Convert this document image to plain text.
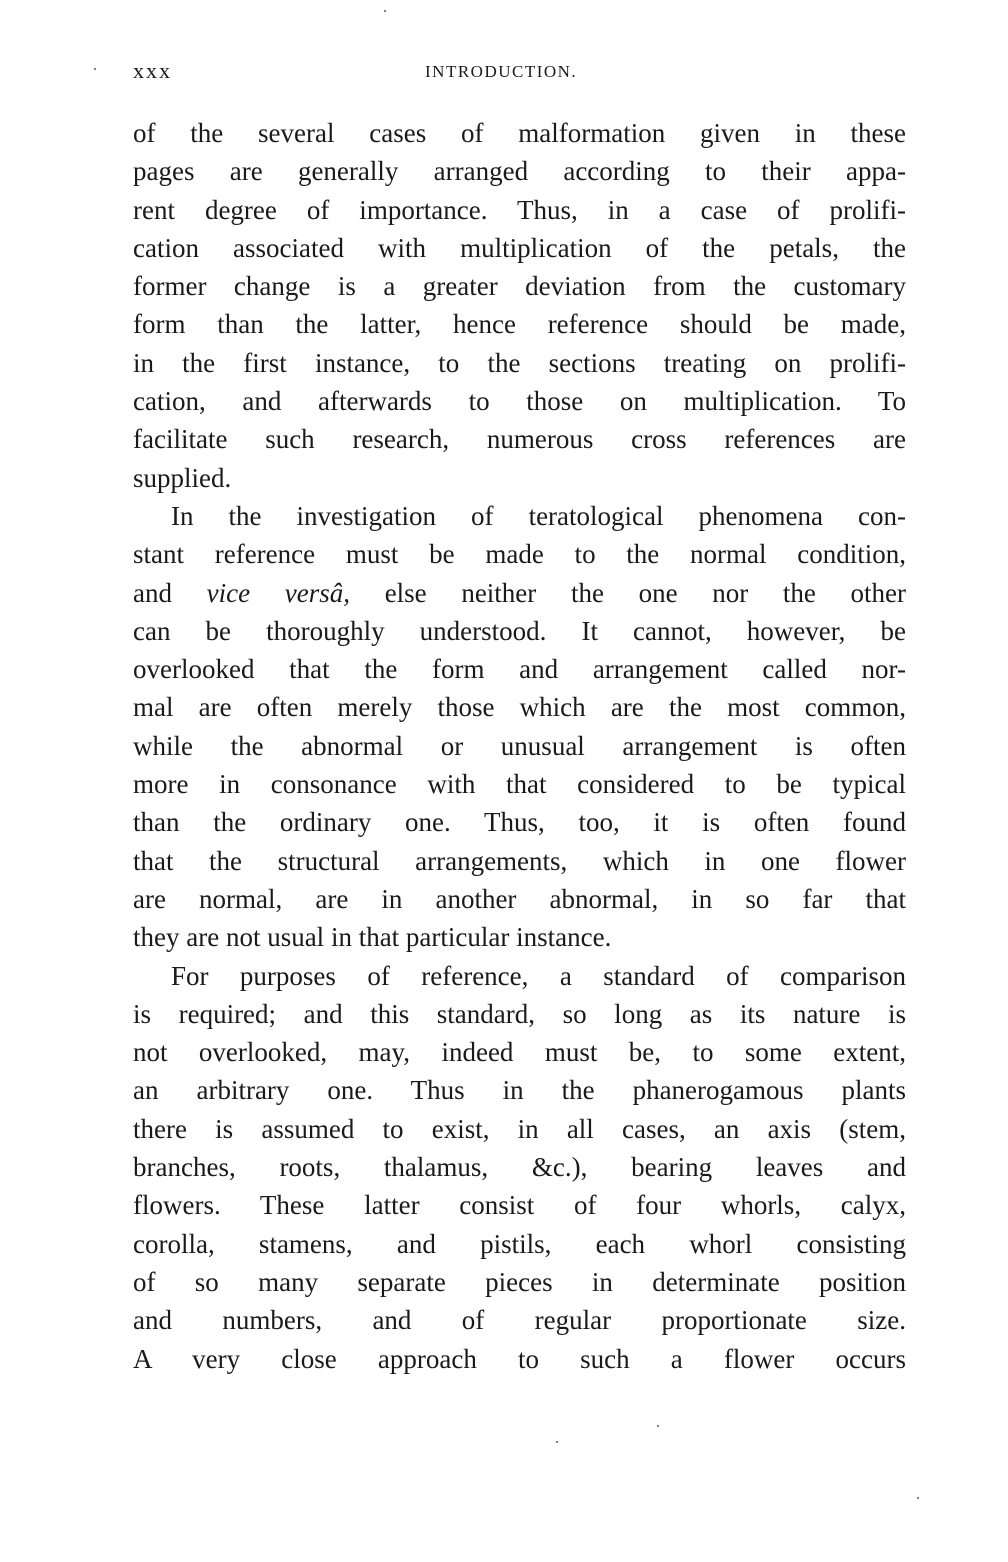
xxx	INTRODUCTION.
of the several cases of malformation given in these
pages are generally arranged according to their appa-
rent degree of importance. Thus, in a case of prolifi-
cation associated with multiplication of the petals, the
former change is a greater deviation from the customary
form than the latter, hence reference should be made,
in the first instance, to the sections treating on prolifi-
cation, and afterwards to those on multiplication. To
facilitate such research, numerous cross references are
supplied.
In the investigation of teratological phenomena con-
stant reference must be made to the normal condition,
and vice versâ, else neither the one nor the other
can be thoroughly understood. It cannot, however, be
overlooked that the form and arrangement called nor-
mal are often merely those which are the most common,
while the abnormal or unusual arrangement is often
more in consonance with that considered to be typical
than the ordinary one. Thus, too, it is often found
that the structural arrangements, which in one flower
are normal, are in another abnormal, in so far that
they are not usual in that particular instance.
For purposes of reference, a standard of comparison
is required; and this standard, so long as its nature is
not overlooked, may, indeed must be, to some extent,
an arbitrary one. Thus in the phanerogamous plants
there is assumed to exist, in all cases, an axis (stem,
branches, roots, thalamus, &c.), bearing leaves and
flowers. These latter consist of four whorls, calyx,
corolla, stamens, and pistils, each whorl consisting
of so many separate pieces in determinate position
and numbers, and of regular proportionate size.
A very close approach to such a flower occurs
